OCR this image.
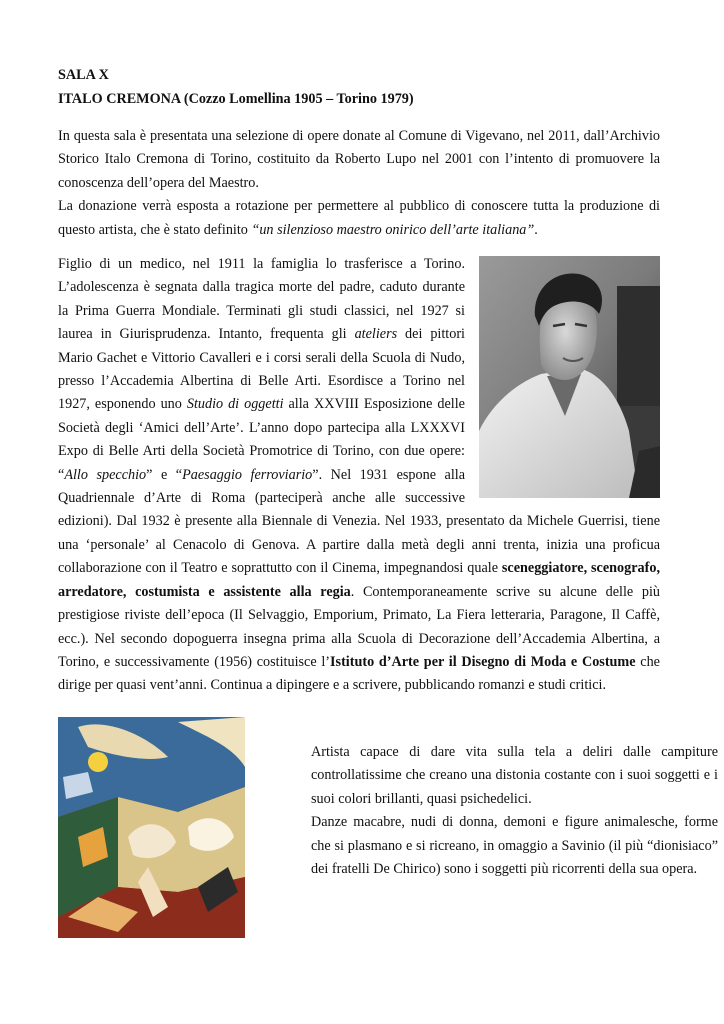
SALA X
ITALO CREMONA (Cozzo Lomellina 1905 – Torino 1979)

In questa sala è presentata una selezione di opere donate al Comune di Vigevano, nel 2011, dall’Archivio Storico Italo Cremona di Torino, costituito da Roberto Lupo nel 2001 con l’intento di promuovere la conoscenza dell’opera del Maestro.

La donazione verrà esposta a rotazione per permettere al pubblico di conoscere tutta la produzione di questo artista, che è stato definito “un silenzioso maestro onirico dell’arte italiana”.

Figlio di un medico, nel 1911 la famiglia lo trasferisce a Torino. L’adolescenza è segnata dalla tragica morte del padre, caduto durante la Prima Guerra Mondiale. Terminati gli studi classici, nel 1927 si laurea in Giurisprudenza. Intanto, frequenta gli ateliers dei pittori Mario Gachet e Vittorio Cavalleri e i corsi serali della Scuola di Nudo, presso l’Accademia Albertina di Belle Arti. Esordisce a Torino nel 1927, esponendo uno Studio di oggetti alla XXVIII Esposizione delle Società degli ‘Amici dell’Arte’. L’anno dopo partecipa alla LXXXVI Expo di Belle Arti della Società Promotrice di Torino, con due opere: “Allo specchio” e “Paesaggio ferroviario”. Nel 1931 espone alla Quadriennale d’Arte di Roma (parteciperà anche alle successive edizioni). Dal 1932 è presente alla Biennale di Venezia. Nel 1933, presentato da Michele Guerrisi, tiene una ‘personale’ al Cenacolo di Genova. A partire dalla metà degli anni trenta, inizia una proficua collaborazione con il Teatro e soprattutto con il Cinema, impegnandosi quale sceneggiatore, scenografo, arredatore, costumista e assistente alla regia. Contemporaneamente scrive su alcune delle più prestigiose riviste dell’epoca (Il Selvaggio, Emporium, Primato, La Fiera letteraria, Paragone, Il Caffè, ecc.). Nel secondo dopoguerra insegna prima alla Scuola di Decorazione dell’Accademia Albertina, a Torino, e successivamente (1956) costituisce l’Istituto d’Arte per il Disegno di Moda e Costume che dirige per quasi vent’anni. Continua a dipingere e a scrivere, pubblicando romanzi e studi critici.

Artista capace di dare vita sulla tela a deliri dalle campiture controllatissime che creano una distonia costante con i suoi soggetti e i suoi colori brillanti, quasi psichedelici.

Danze macabre, nudi di donna, demoni e figure animalesche, forme che si plasmano e si ricreano, in omaggio a Savinio (il più “dionisiaco” dei fratelli De Chirico) sono i soggetti più ricorrenti della sua opera.
